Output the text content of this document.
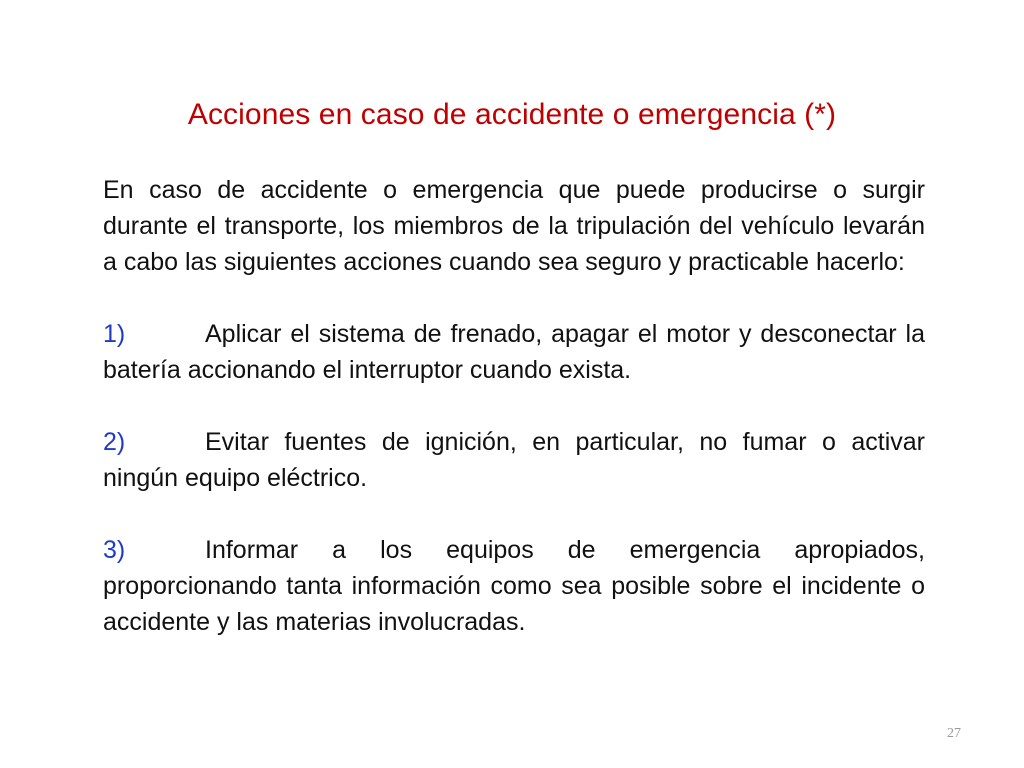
Acciones en caso de accidente o emergencia (*)

En caso de accidente o emergencia que puede producirse o surgir durante el transporte, los miembros de la tripulación del vehículo levarán a cabo las siguientes acciones cuando sea seguro y practicable hacerlo:

1)	Aplicar el sistema de frenado, apagar el motor y desconectar la batería accionando el interruptor cuando exista.

2)	Evitar fuentes de ignición, en particular, no fumar o activar ningún equipo eléctrico.

3)	Informar a los equipos de emergencia apropiados, proporcionando tanta información como sea posible sobre el incidente o accidente y las materias involucradas.

27
